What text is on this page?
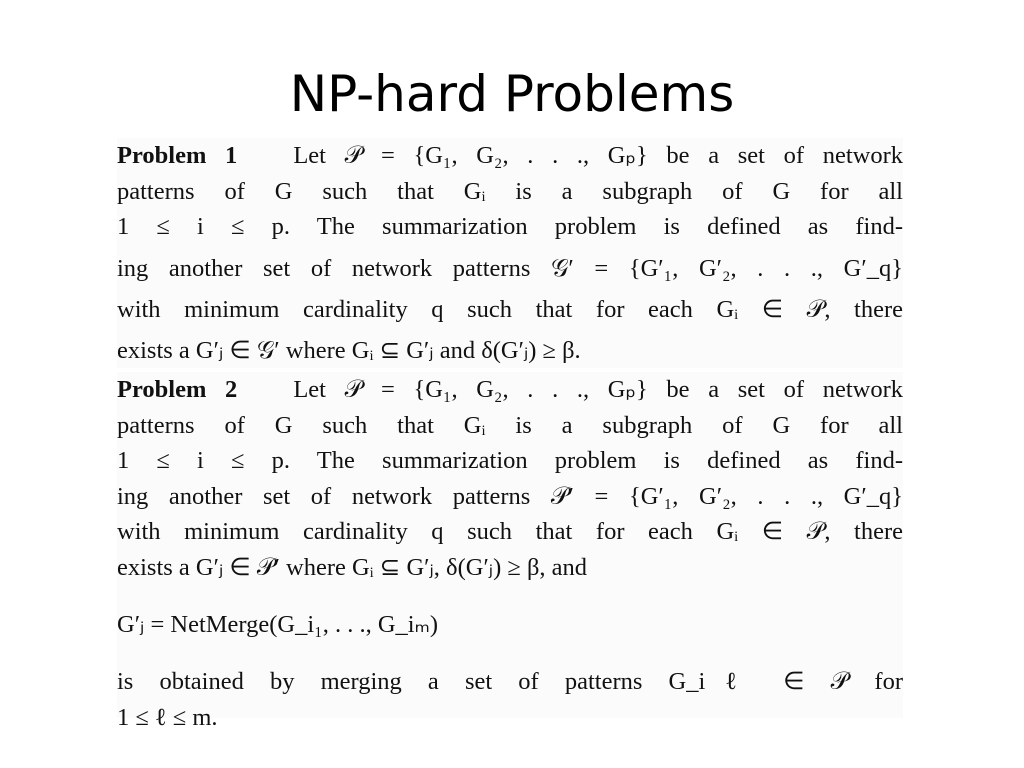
NP-hard Problems
Problem 1 Let 𝒫 = {G₁, G₂, . . ., Gₚ} be a set of network
patterns of G such that Gᵢ is a subgraph of G for all
1 ≤ i ≤ p. The summarization problem is defined as find-
ing another set of network patterns 𝒢′ = {G′₁, G′₂, . . ., G′_q}
with minimum cardinality q such that for each Gᵢ ∈ 𝒫, there
exists a G′ⱼ ∈ 𝒢′ where Gᵢ ⊆ G′ⱼ and δ(G′ⱼ) ≥ β.
Problem 2 Let 𝒫 = {G₁, G₂, . . ., Gₚ} be a set of network
patterns of G such that Gᵢ is a subgraph of G for all
1 ≤ i ≤ p. The summarization problem is defined as find-
ing another set of network patterns 𝒫′ = {G′₁, G′₂, . . ., G′_q}
with minimum cardinality q such that for each Gᵢ ∈ 𝒫, there
exists a G′ⱼ ∈ 𝒫′ where Gᵢ ⊆ G′ⱼ, δ(G′ⱼ) ≥ β, and
G′ⱼ = NetMerge(G_i₁, . . ., G_iₘ)
is obtained by merging a set of patterns G_iℓ ∈ 𝒫 for
1 ≤ ℓ ≤ m.
